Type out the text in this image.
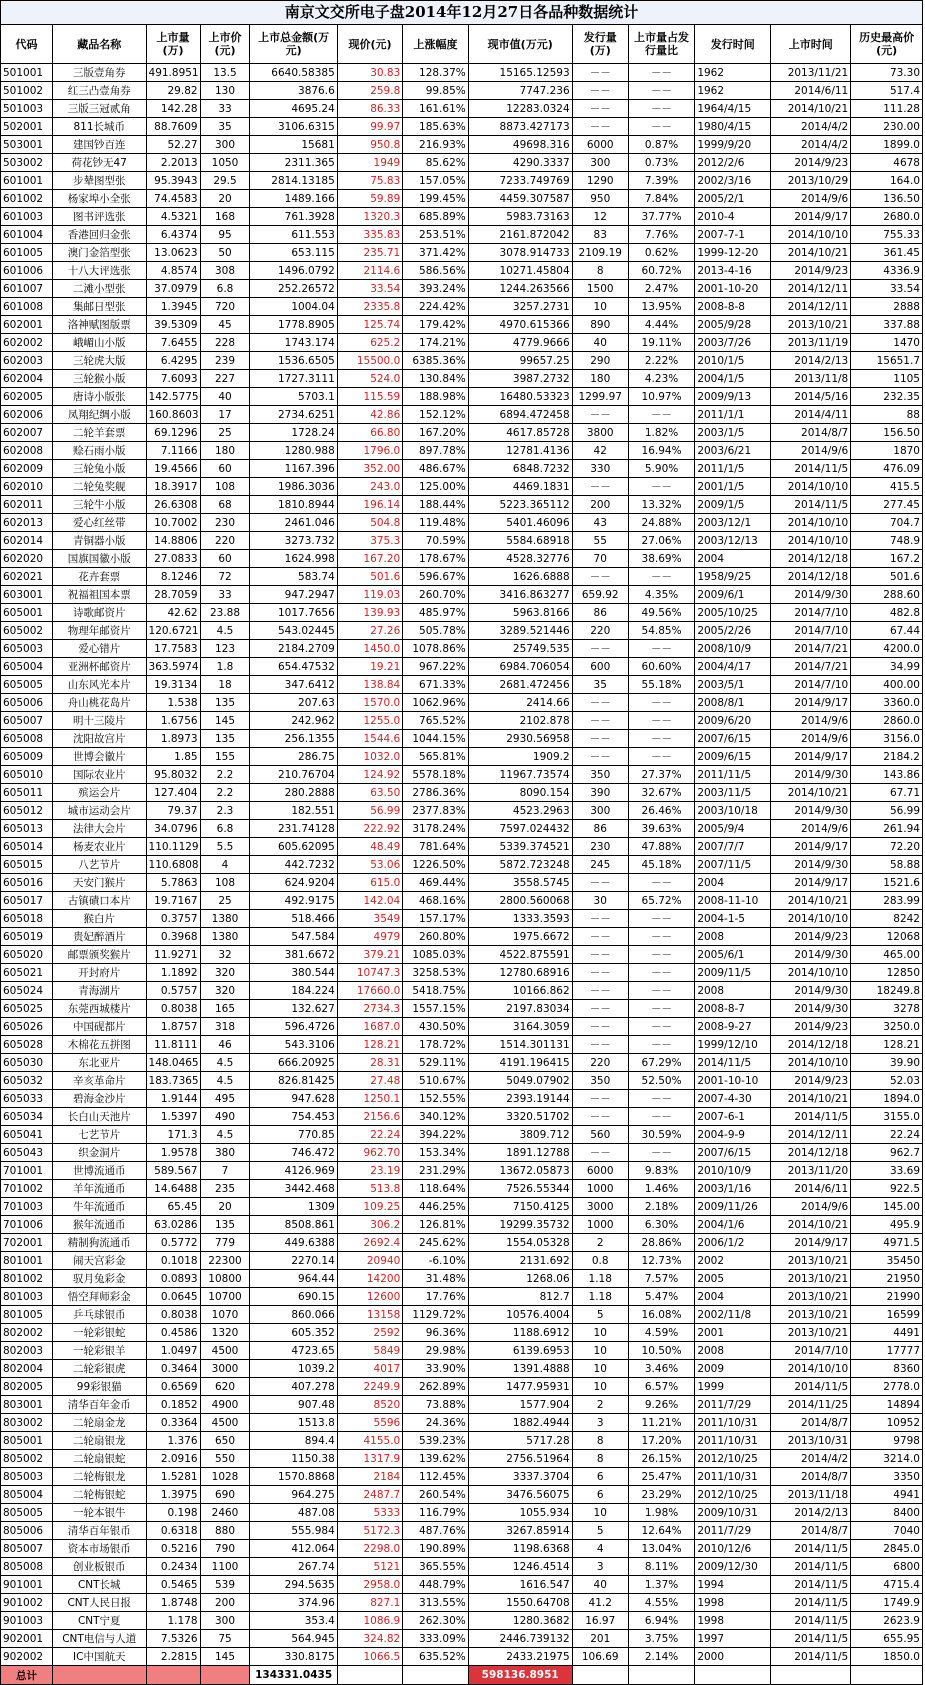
南京文交所电子盘2014年12月27日各品种数据统计
代码	藏品名称	上市量(万)	上市价(元)	上市总金额(万元)	现价(元)	上涨幅度	现市值(万元)	发行量(万)	上市量占发行量比	发行时间	上市时间	历史最高价(元)
501001	三版壹角券	491.8951	13.5	6640.58385	30.83	128.37%	15165.12593	－－	－－	1962	2013/11/21	73.30
501002	红三凸壹角券	29.82	130	3876.6	259.8	99.85%	7747.236	－－	－－	1962	2014/6/11	517.4
501003	三版三冠贰角	142.28	33	4695.24	86.33	161.61%	12283.0324	－－	－－	1964/4/15	2014/10/21	111.28
502001	811长城币	88.7609	35	3106.6315	99.97	185.63%	8873.427173	－－	－－	1980/4/15	2014/4/2	230.00
503001	建国钞百连	52.27	300	15681	950.8	216.93%	49698.316	6000	0.87%	1999/9/20	2014/4/2	1899.0
503002	荷花钞无47	2.2013	1050	2311.365	1949	85.62%	4290.3337	300	0.73%	2012/2/6	2014/9/23	4678
601001	步辇图型张	95.3943	29.5	2814.13185	75.83	157.05%	7233.749769	1290	7.39%	2002/3/16	2013/10/29	164.0
601002	杨家埠小全张	74.4583	20	1489.166	59.89	199.45%	4459.307587	950	7.84%	2005/2/1	2014/9/6	136.50
601003	图书评选张	4.5321	168	761.3928	1320.3	685.89%	5983.73163	12	37.77%	2010-4	2014/9/17	2680.0
601004	香港回归金张	6.4374	95	611.553	335.83	253.51%	2161.872042	83	7.76%	2007-7-1	2014/10/10	755.33
601005	澳门金箔型张	13.0623	50	653.115	235.71	371.42%	3078.914733	2109.19	0.62%	1999-12-20	2014/10/21	361.45
601006	十八大评选张	4.8574	308	1496.0792	2114.6	586.56%	10271.45804	8	60.72%	2013-4-16	2014/9/23	4336.9
601007	二滩小型张	37.0979	6.8	252.26572	33.54	393.24%	1244.263566	1500	2.47%	2001-10-20	2014/12/11	33.54
601008	集邮日型张	1.3945	720	1004.04	2335.8	224.42%	3257.2731	10	13.95%	2008-8-8	2014/12/11	2888
602001	洛神赋图版票	39.5309	45	1778.8905	125.74	179.42%	4970.615366	890	4.44%	2005/9/28	2013/10/21	337.88
602002	峨嵋山小版	7.6455	228	1743.174	625.2	174.21%	4779.9666	40	19.11%	2003/7/26	2013/11/19	1470
602003	三轮虎大版	6.4295	239	1536.6505	15500.0	6385.36%	99657.25	290	2.22%	2010/1/5	2014/2/13	15651.7
602004	三轮猴小版	7.6093	227	1727.3111	524.0	130.84%	3987.2732	180	4.23%	2004/1/5	2013/11/8	1105
602005	唐诗小版张	142.5775	40	5703.1	115.59	188.98%	16480.53323	1299.97	10.97%	2009/9/13	2014/5/16	232.35
602006	凤翔纪绸小版	160.8603	17	2734.6251	42.86	152.12%	6894.472458	－－	－－	2011/1/1	2014/4/11	88
602007	二轮羊套票	69.1296	25	1728.24	66.80	167.20%	4617.85728	3800	1.82%	2003/1/5	2014/8/7	156.50
602008	赊石雨小版	7.1166	180	1280.988	1796.0	897.78%	12781.4136	42	16.94%	2003/6/21	2014/9/6	1870
602009	三轮兔小版	19.4566	60	1167.396	352.00	486.67%	6848.7232	330	5.90%	2011/1/5	2014/11/5	476.09
602010	二轮兔奖舰	18.3917	108	1986.3036	243.0	125.00%	4469.1831	－－	－－	2001/1/5	2014/10/10	415.5
602011	三轮牛小版	26.6308	68	1810.8944	196.14	188.44%	5223.365112	200	13.32%	2009/1/5	2014/11/5	277.45
602013	爱心红丝带	10.7002	230	2461.046	504.8	119.48%	5401.46096	43	24.88%	2003/12/1	2014/10/10	704.7
602014	青铜器小版	14.8806	220	3273.732	375.3	70.59%	5584.68918	55	27.06%	2003/12/13	2014/10/10	748.9
602020	国旗国徽小版	27.0833	60	1624.998	167.20	178.67%	4528.32776	70	38.69%	2004	2014/12/18	167.2
602021	花卉套票	8.1246	72	583.74	501.6	596.67%	1626.6888	－－	－－	1958/9/25	2014/12/18	501.6
603001	祝福祖国本票	28.7059	33	947.2947	119.03	260.70%	3416.863277	659.92	4.35%	2009/6/1	2014/9/30	288.60
605001	诗歌邮资片	42.62	23.88	1017.7656	139.93	485.97%	5963.8166	86	49.56%	2005/10/25	2014/7/10	482.8
605002	物理年邮资片	120.6721	4.5	543.02445	27.26	505.78%	3289.521446	220	54.85%	2005/2/26	2014/7/10	67.44
605003	爱心错片	17.7583	123	2184.2709	1450.0	1078.86%	25749.535	－－	－－	2008/10/9	2014/7/21	4200.0
605004	亚洲杯邮资片	363.5974	1.8	654.47532	19.21	967.22%	6984.706054	600	60.60%	2004/4/17	2014/7/21	34.99
605005	山东风光本片	19.3134	18	347.6412	138.84	671.33%	2681.472456	35	55.18%	2003/5/1	2014/7/10	400.00
605006	舟山桃花岛片	1.538	135	207.63	1570.0	1062.96%	2414.66	－－	－－	2008/8/1	2014/9/17	3360.0
605007	明十三陵片	1.6756	145	242.962	1255.0	765.52%	2102.878	－－	－－	2009/6/20	2014/9/6	2860.0
605008	沈阳故宫片	1.8973	135	256.1355	1544.6	1044.15%	2930.56958	－－	－－	2007/6/15	2014/9/6	3156.0
605009	世博会徽片	1.85	155	286.75	1032.0	565.81%	1909.2	－－	－－	2009/6/15	2014/9/17	2184.2
605010	国际农业片	95.8032	2.2	210.76704	124.92	5578.18%	11967.73574	350	27.37%	2011/11/5	2014/9/30	143.86
605011	殡运会片	127.404	2.2	280.2888	63.50	2786.36%	8090.154	390	32.67%	2003/11/5	2014/10/21	67.71
605012	城市运动会片	79.37	2.3	182.551	56.99	2377.83%	4523.2963	300	26.46%	2003/10/18	2014/9/30	56.99
605013	法律大会片	34.0796	6.8	231.74128	222.92	3178.24%	7597.024432	86	39.63%	2005/9/4	2014/9/6	261.94
605014	杨麦农业片	110.1129	5.5	605.62095	48.49	781.64%	5339.374521	230	47.88%	2007/7/7	2014/9/17	72.20
605015	八艺节片	110.6808	4	442.7232	53.06	1226.50%	5872.723248	245	45.18%	2007/11/5	2014/9/30	58.88
605016	天安门猴片	5.7863	108	624.9204	615.0	469.44%	3558.5745	－－	－－	2004	2014/9/17	1521.6
605017	古镇磧口本片	19.7167	25	492.9175	142.04	468.16%	2800.560068	30	65.72%	2008-11-10	2014/10/21	283.99
605018	猴白片	0.3757	1380	518.466	3549	157.17%	1333.3593	－－	－－	2004-1-5	2014/10/10	8242
605019	贵妃醉酒片	0.3968	1380	547.584	4979	260.80%	1975.6672	－－	－－	2008	2014/9/23	12068
605020	邮票颁奖猴片	11.9271	32	381.6672	379.21	1085.03%	4522.875591	－－	－－	2005/6/1	2014/9/30	465.00
605021	开封府片	1.1892	320	380.544	10747.3	3258.53%	12780.68916	－－	－－	2009/11/5	2014/10/10	12850
605024	青海湖片	0.5757	320	184.224	17660.0	5418.75%	10166.862	－－	－－	2008	2014/9/30	18249.8
605025	东莞西城楼片	0.8038	165	132.627	2734.3	1557.15%	2197.83034	－－	－－	2008-8-7	2014/9/30	3278
605026	中国砚都片	1.8757	318	596.4726	1687.0	430.50%	3164.3059	－－	－－	2008-9-27	2014/9/23	3250.0
605028	木棉花五拼图	11.8111	46	543.3106	128.21	178.72%	1514.301131	－－	－－	1999/12/10	2014/12/18	128.21
605030	东北亚片	148.0465	4.5	666.20925	28.31	529.11%	4191.196415	220	67.29%	2014/11/5	2014/10/10	39.90
605032	辛亥革命片	183.7365	4.5	826.81425	27.48	510.67%	5049.07902	350	52.50%	2001-10-10	2014/9/23	52.03
605033	碧海金沙片	1.9144	495	947.628	1250.1	152.55%	2393.19144	－－	－－	2007-4-30	2014/10/21	1894.0
605034	长白山天池片	1.5397	490	754.453	2156.6	340.12%	3320.51702	－－	－－	2007-6-1	2014/11/5	3155.0
605041	七艺节片	171.3	4.5	770.85	22.24	394.22%	3809.712	560	30.59%	2004-9-9	2014/12/11	22.24
605043	织金洞片	1.9578	380	746.472	962.70	153.34%	1891.12788	－－	－－	2007/6/15	2014/12/18	962.7
701001	世博流通币	589.567	7	4126.969	23.19	231.29%	13672.05873	6000	9.83%	2010/10/9	2013/11/20	33.69
701002	羊年流通币	14.6488	235	3442.468	513.8	118.64%	7526.55344	1000	1.46%	2003/1/16	2014/6/11	922.5
701003	牛年流通币	65.45	20	1309	109.25	446.25%	7150.4125	3000	2.18%	2009/11/26	2014/9/6	145.00
701006	猴年流通币	63.0286	135	8508.861	306.2	126.81%	19299.35732	1000	6.30%	2004/1/6	2014/10/21	495.9
702001	精制狗流通币	0.5772	779	449.6388	2692.4	245.62%	1554.05328	2	28.86%	2006/1/2	2014/9/17	4971.5
801001	闹天宫彩金	0.1018	22300	2270.14	20940	-6.10%	2131.692	0.8	12.73%	2002	2013/10/21	35450
801002	驭月兔彩金	0.0893	10800	964.44	14200	31.48%	1268.06	1.18	7.57%	2005	2013/10/21	21950
801003	悟空拜师彩金	0.0645	10700	690.15	12600	17.76%	812.7	1.18	5.47%	2004	2013/10/21	21990
801005	乒乓球银币	0.8038	1070	860.066	13158	1129.72%	10576.4004	5	16.08%	2002/11/8	2013/10/21	16599
802002	一轮彩银蛇	0.4586	1320	605.352	2592	96.36%	1188.6912	10	4.59%	2001	2013/10/21	4491
802003	一轮彩银羊	1.0497	4500	4723.65	5849	29.98%	6139.6953	10	10.50%	2008	2014/7/10	17777
802004	二轮彩银虎	0.3464	3000	1039.2	4017	33.90%	1391.4888	10	3.46%	2009	2014/10/10	8360
802005	99彩银猫	0.6569	620	407.278	2249.9	262.89%	1477.95931	10	6.57%	1999	2014/11/5	2778.0
803001	清华百年金币	0.1852	4900	907.48	8520	73.88%	1577.904	2	9.26%	2011/7/29	2014/11/25	14894
803002	二轮扇金龙	0.3364	4500	1513.8	5596	24.36%	1882.4944	3	11.21%	2011/10/31	2014/8/7	10952
805001	二轮扇银龙	1.376	650	894.4	4155.0	539.23%	5717.28	8	17.20%	2011/10/31	2013/10/31	9798
805002	二轮扇银蛇	2.0916	550	1150.38	1317.9	139.62%	2756.51964	8	26.15%	2012/10/25	2014/4/2	3214.0
805003	二轮梅银龙	1.5281	1028	1570.8868	2184	112.45%	3337.3704	6	25.47%	2011/10/31	2014/8/7	3350
805004	二轮梅银蛇	1.3975	690	964.275	2487.7	260.54%	3476.56075	6	23.29%	2012/10/25	2013/11/18	4941
805005	一轮本银牛	0.198	2460	487.08	5333	116.79%	1055.934	10	1.98%	2009/10/31	2014/2/13	8400
805006	清华百年银币	0.6318	880	555.984	5172.3	487.76%	3267.85914	5	12.64%	2011/7/29	2014/8/7	7040
805007	资本市场银币	0.5216	790	412.064	2298.0	190.89%	1198.6368	4	13.04%	2010/12/6	2014/11/5	2845.0
805008	创业板银币	0.2434	1100	267.74	5121	365.55%	1246.4514	3	8.11%	2009/12/30	2014/11/5	6800
901001	CNT长城	0.5465	539	294.5635	2958.0	448.79%	1616.547	40	1.37%	1994	2014/11/5	4715.4
901002	CNT人民日报	1.8748	200	374.96	827.1	313.55%	1550.64708	41.2	4.55%	1998	2014/11/5	1749.9
901003	CNT宁夏	1.178	300	353.4	1086.9	262.30%	1280.3682	16.97	6.94%	1998	2014/11/5	2623.9
902001	CNT电信与人道	7.5326	75	564.945	324.82	333.09%	2446.739132	201	3.75%	1997	2014/11/5	655.95
902002	IC中国航天	2.2815	145	330.8175	1066.5	635.52%	2433.21975	106.69	2.14%	2000	2014/11/5	1850.0
总计				134331.0435			598136.8951					
